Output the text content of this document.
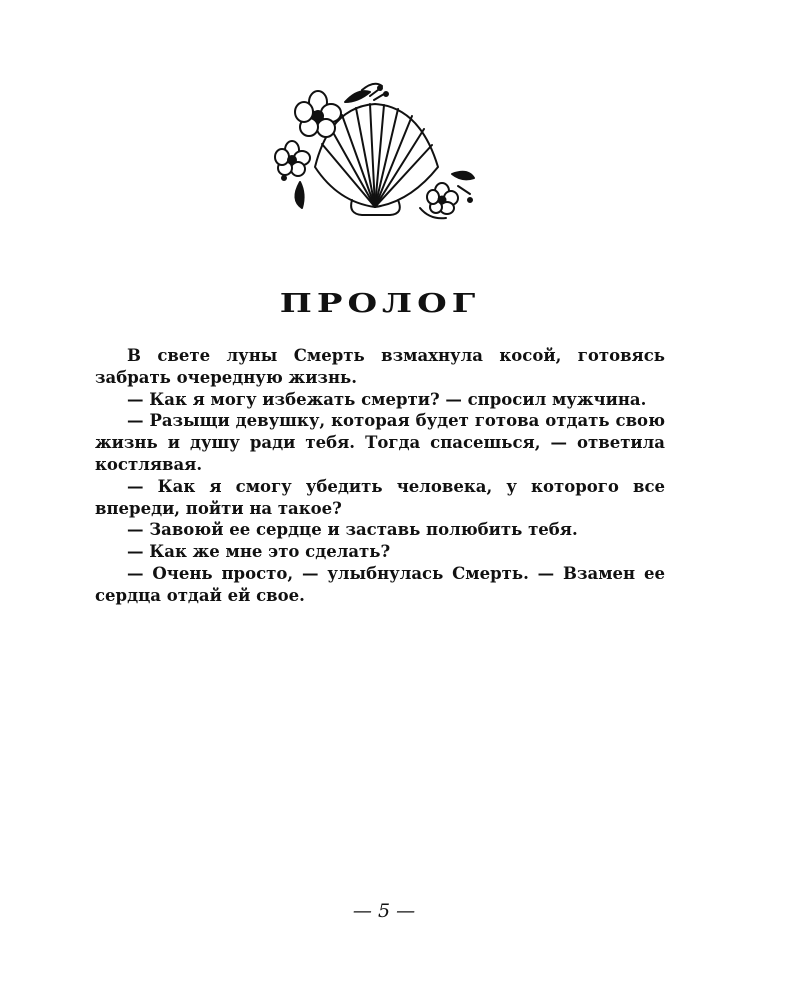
ПРОЛОГ

В свете луны Смерть взмахнула косой, готовясь забрать очередную жизнь.

— Как я могу избежать смерти? — спросил мужчина.

— Разыщи девушку, которая будет готова отдать свою жизнь и душу ради тебя. Тогда спасешься, — ответила костлявая.

— Как я смогу убедить человека, у которого все впереди, пойти на такое?

— Завоюй ее сердце и заставь полюбить тебя.

— Как же мне это сделать?

— Очень просто, — улыбнулась Смерть. — Взамен ее сердца отдай ей свое.

— 5 —
